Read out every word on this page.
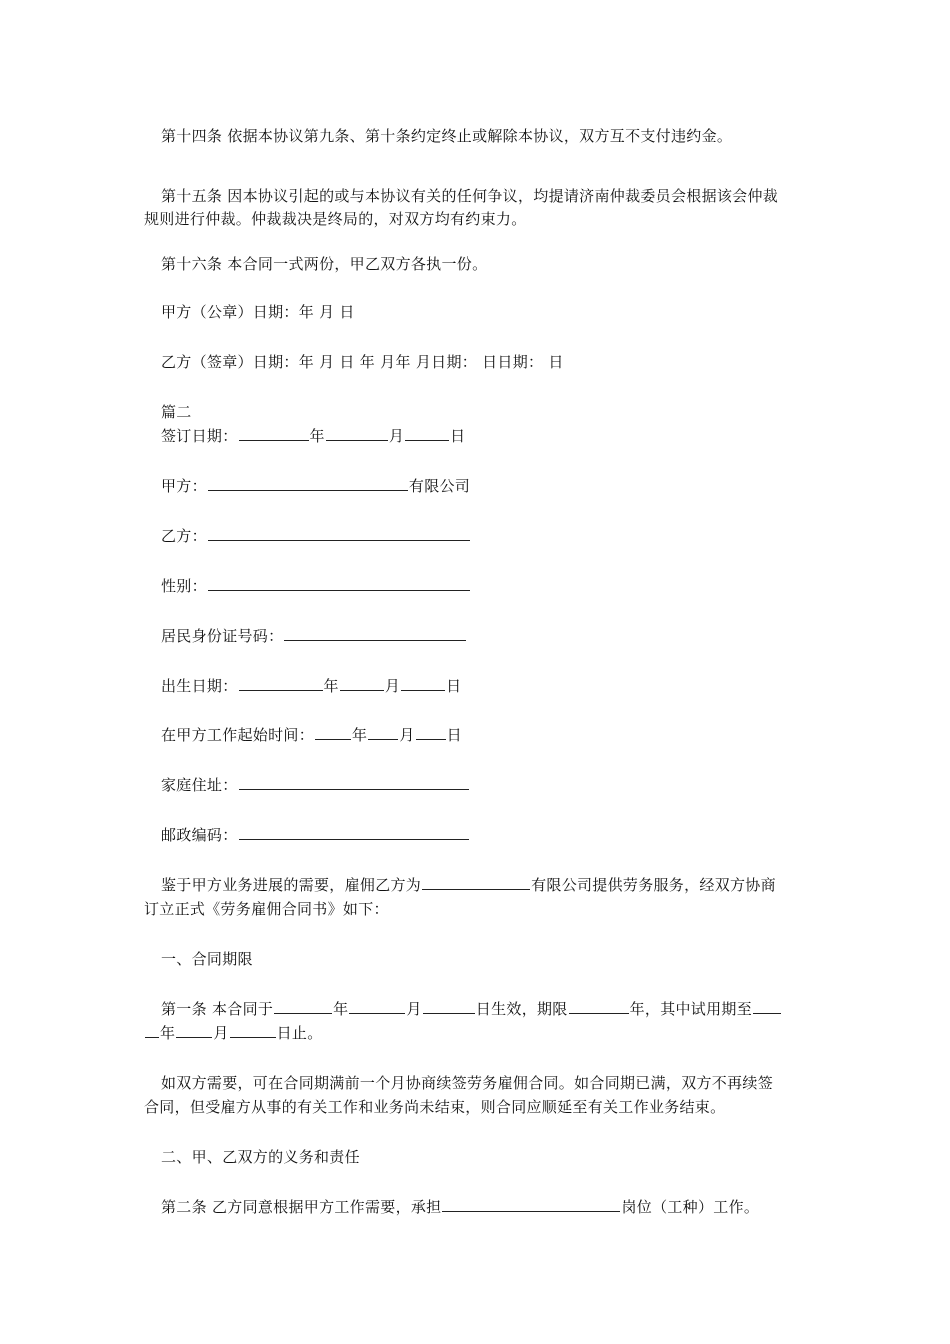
第十四条 依据本协议第九条、第十条约定终止或解除本协议，双方互不支付违约金。
第十五条 因本协议引起的或与本协议有关的任何争议，均提请济南仲裁委员会根据该会仲裁
规则进行仲裁。仲裁裁决是终局的，对双方均有约束力。
第十六条 本合同一式两份，甲乙双方各执一份。
甲方（公章）日期：年 月 日
乙方（签章）日期：年 月 日 年 月年 月日期： 日日期： 日
篇二
签订日期：	年	月	日
甲方：	有限公司
乙方：
性别：
居民身份证号码：
出生日期：	年	月	日
在甲方工作起始时间：	年 月 日
家庭住址：
邮政编码：
鉴于甲方业务进展的需要，雇佣乙方为	有限公司提供劳务服务，经双方协商
订立正式《劳务雇佣合同书》如下：
一、合同期限
第一条 本合同于	年	月	日生效，期限	年，其中试用期至
年	月	日止。
如双方需要，可在合同期满前一个月协商续签劳务雇佣合同。如合同期已满，双方不再续签
合同，但受雇方从事的有关工作和业务尚未结束，则合同应顺延至有关工作业务结束。
二、甲、乙双方的义务和责任
第二条 乙方同意根据甲方工作需要，承担	岗位（工种）工作。
